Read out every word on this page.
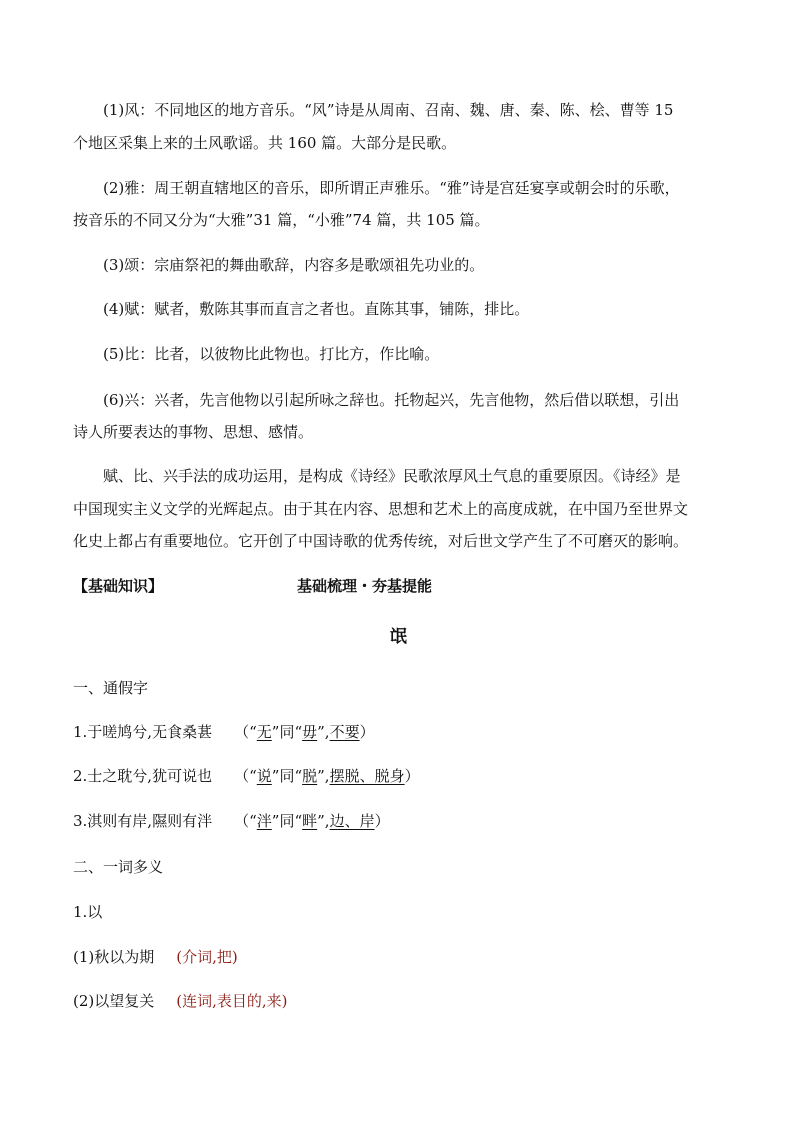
(1)风：不同地区的地方音乐。“风”诗是从周南、召南、魏、唐、秦、陈、桧、曹等 15
个地区采集上来的土风歌谣。共 160 篇。大部分是民歌。
(2)雅：周王朝直辖地区的音乐，即所谓正声雅乐。“雅”诗是宫廷宴享或朝会时的乐歌，
按音乐的不同又分为“大雅”31 篇，“小雅”74 篇，共 105 篇。
(3)颂：宗庙祭祀的舞曲歌辞，内容多是歌颂祖先功业的。
(4)赋：赋者，敷陈其事而直言之者也。直陈其事，铺陈，排比。
(5)比：比者，以彼物比此物也。打比方，作比喻。
(6)兴：兴者，先言他物以引起所咏之辞也。托物起兴，先言他物，然后借以联想，引出
诗人所要表达的事物、思想、感情。
赋、比、兴手法的成功运用，是构成《诗经》民歌浓厚风土气息的重要原因。《诗经》是
中国现实主义文学的光辉起点。由于其在内容、思想和艺术上的高度成就，在中国乃至世界文
化史上都占有重要地位。它开创了中国诗歌的优秀传统，对后世文学产生了不可磨灭的影响。
【基础知识】	基础梳理・夯基提能
氓
一、通假字
1.于嗟鸠兮,无食桑葚 （“无”同“毋”,不要）
2.士之耽兮,犹可说也 （“说”同“脱”,摆脱、脱身）
3.淇则有岸,隰则有泮 （“泮”同“畔”,边、岸）
二、一词多义
1.以
(1)秋以为期 (介词,把)
(2)以望复关 (连词,表目的,来)
